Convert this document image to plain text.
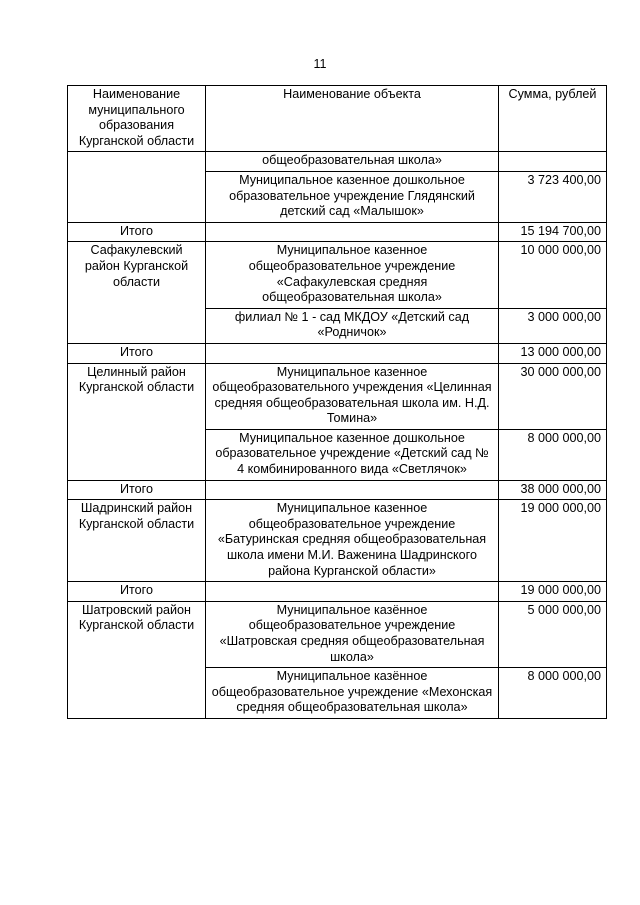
11
Наименование муниципального образования Курганской области	Наименование объекта	Сумма, рублей
	общеобразовательная школа»	
	Муниципальное казенное дошкольное образовательное учреждение Глядянский детский сад «Малышок»	3 723 400,00
Итого		15 194 700,00
Сафакулевский район Курганской области	Муниципальное казенное общеобразовательное учреждение «Сафакулевская средняя общеобразовательная школа»	10 000 000,00
	филиал № 1 - сад МКДОУ «Детский сад «Родничок»	3 000 000,00
Итого		13 000 000,00
Целинный район Курганской области	Муниципальное казенное общеобразовательного учреждения «Целинная средняя общеобразовательная школа им. Н.Д. Томина»	30 000 000,00
	Муниципальное казенное дошкольное образовательное учреждение «Детский сад № 4 комбинированного вида «Светлячок»	8 000 000,00
Итого		38 000 000,00
Шадринский район Курганской области	Муниципальное казенное общеобразовательное учреждение «Батуринская средняя общеобразовательная школа имени М.И. Важенина Шадринского района Курганской области»	19 000 000,00
Итого		19 000 000,00
Шатровский район Курганской области	Муниципальное казённое общеобразовательное учреждение «Шатровская средняя общеобразовательная школа»	5 000 000,00
	Муниципальное казённое общеобразовательное учреждение «Мехонская средняя общеобразовательная школа»	8 000 000,00
